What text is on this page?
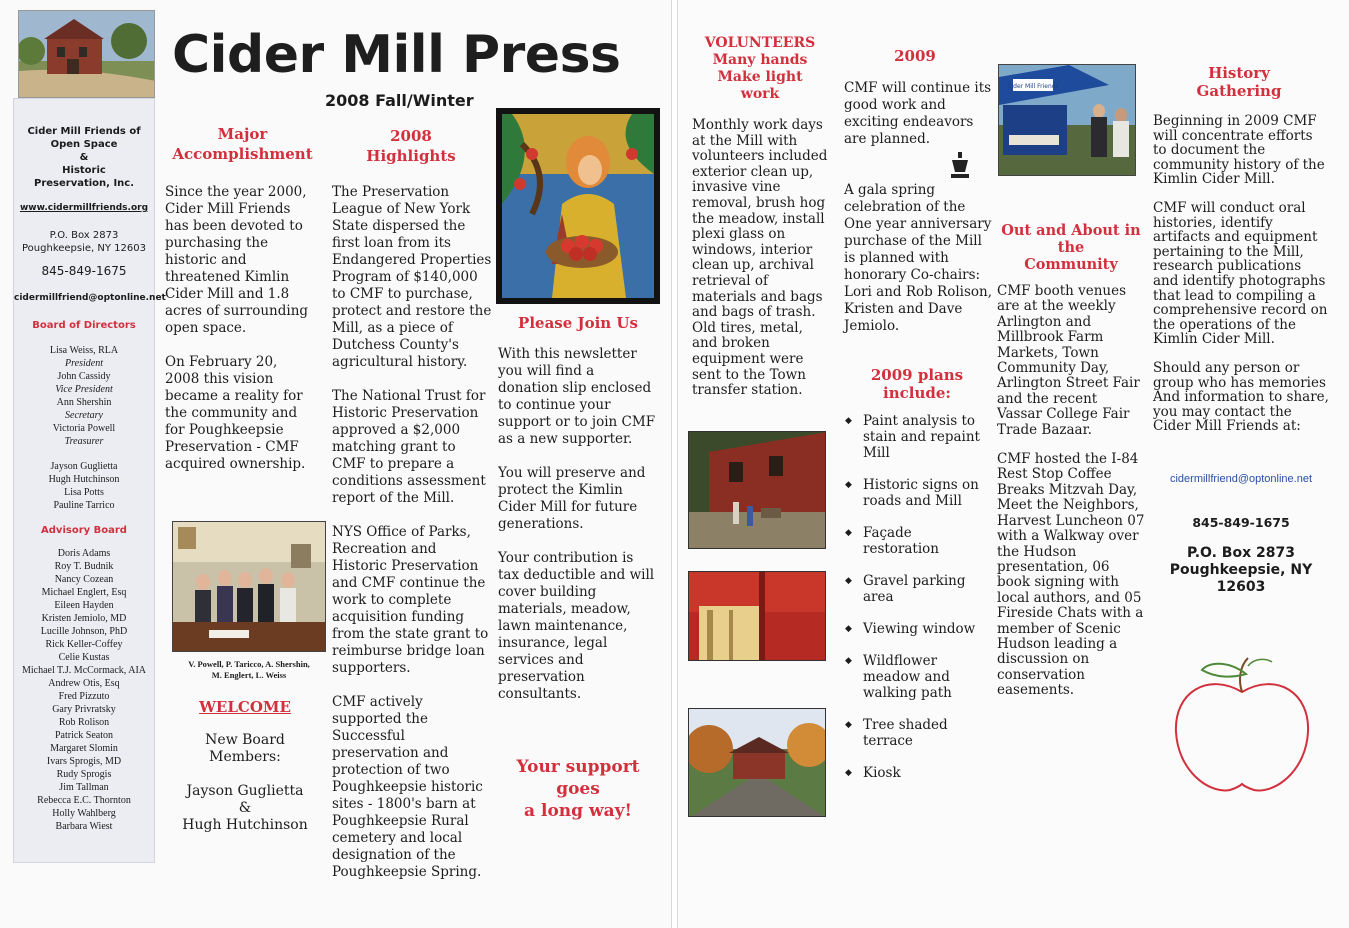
Cider Mill Press
2008 Fall/Winter
Cider Mill Friends of
Open Space
&
Historic
Preservation, Inc.
www.cidermillfriends.org
P.O. Box 2873
Poughkeepsie, NY 12603
845-849-1675
cidermillfriend@optonline.net
Board of Directors
Lisa Weiss, RLA
President
John Cassidy
Vice President
Ann Shershin
Secretary
Victoria Powell
Treasurer
Jayson Guglietta
Hugh Hutchinson
Lisa Potts
Pauline Tarrico
Advisory Board
Doris Adams
Roy T. Budnik
Nancy Cozean
Michael Englert, Esq
Eileen Hayden
Kristen Jemiolo, MD
Lucille Johnson, PhD
Rick Keller-Coffey
Celie Kustas
Michael T.J. McCormack, AIA
Andrew Otis, Esq
Fred Pizzuto
Gary Privratsky
Rob Rolison
Patrick Seaton
Margaret Slomin
Ivars Sprogis, MD
Rudy Sprogis
Jim Tallman
Rebecca E.C. Thornton
Holly Wahlberg
Barbara Wiest
Major
Accomplishment

Since the year 2000, Cider Mill Friends has been devoted to purchasing the historic and threatened Kimlin Cider Mill and 1.8 acres of surrounding open space.

On February 20, 2008 this vision became a reality for the community and for Poughkeepsie Preservation - CMF acquired ownership.

V. Powell, P. Taricco, A. Shershin,
M. Englert, L. Weiss
WELCOME
New Board
Members:
Jayson Guglietta
&
Hugh Hutchinson
2008
Highlights

The Preservation League of New York State dispersed the first loan from its Endangered Properties Program of $140,000 to CMF to purchase, protect and restore the Mill, as a piece of Dutchess County's agricultural history.

The National Trust for Historic Preservation approved a $2,000 matching grant to CMF to prepare a conditions assessment report of the Mill.

NYS Office of Parks, Recreation and Historic Preservation and CMF continue the work to complete acquisition funding from the state grant to reimburse bridge loan supporters.

CMF actively supported the Successful preservation and protection of two Poughkeepsie historic sites - 1800's barn at Poughkeepsie Rural cemetery and local designation of the Poughkeepsie Spring.

Please Join Us

With this newsletter you will find a donation slip enclosed to continue your support or to join CMF as a new supporter.

You will preserve and protect the Kimlin Cider Mill for future generations.

Your contribution is tax deductible and will cover building materials, meadow, lawn maintenance, insurance, legal services and preservation consultants.

Your support
goes
a long way!
VOLUNTEERS
Many hands
Make light
work
Monthly work days at the Mill with volunteers included exterior clean up, invasive vine removal, brush hog the meadow, install plexi glass on windows, interior clean up, archival retrieval of materials and bags and bags of trash. Old tires, metal, and broken equipment were sent to the Town transfer station.
2009

CMF will continue its good work and exciting endeavors are planned.

A gala spring celebration of the One year anniversary purchase of the Mill is planned with honorary Co-chairs: Lori and Rob Rolison, Kristen and Dave Jemiolo.

2009 plans
include:
◆ Paint analysis to stain and repaint Mill
◆ Historic signs on roads and Mill
◆ Façade restoration
◆ Gravel parking area
◆ Viewing window
◆ Wildflower meadow and walking path
◆ Tree shaded terrace
◆ Kiosk
Cider Mill Friends
Out and About in
the
Community

CMF booth venues are at the weekly Arlington and Millbrook Farm Markets, Town Community Day, Arlington Street Fair and the recent Vassar College Fair Trade Bazaar.

CMF hosted the I-84 Rest Stop Coffee Breaks Mitzvah Day, Meet the Neighbors, Harvest Luncheon 07 with a Walkway over the Hudson presentation, 06 book signing with local authors, and 05 Fireside Chats with a member of Scenic Hudson leading a discussion on conservation easements.

History
Gathering

Beginning in 2009 CMF will concentrate efforts to document the community history of the Kimlin Cider Mill.

CMF will conduct oral histories, identify artifacts and equipment pertaining to the Mill, research publications and identify photographs that lead to compiling a comprehensive record on the operations of the Kimlin Cider Mill.

Should any person or group who has memories And information to share, you may contact the Cider Mill Friends at:

cidermillfriend@optonline.net
845-849-1675
P.O. Box 2873
Poughkeepsie, NY
12603
